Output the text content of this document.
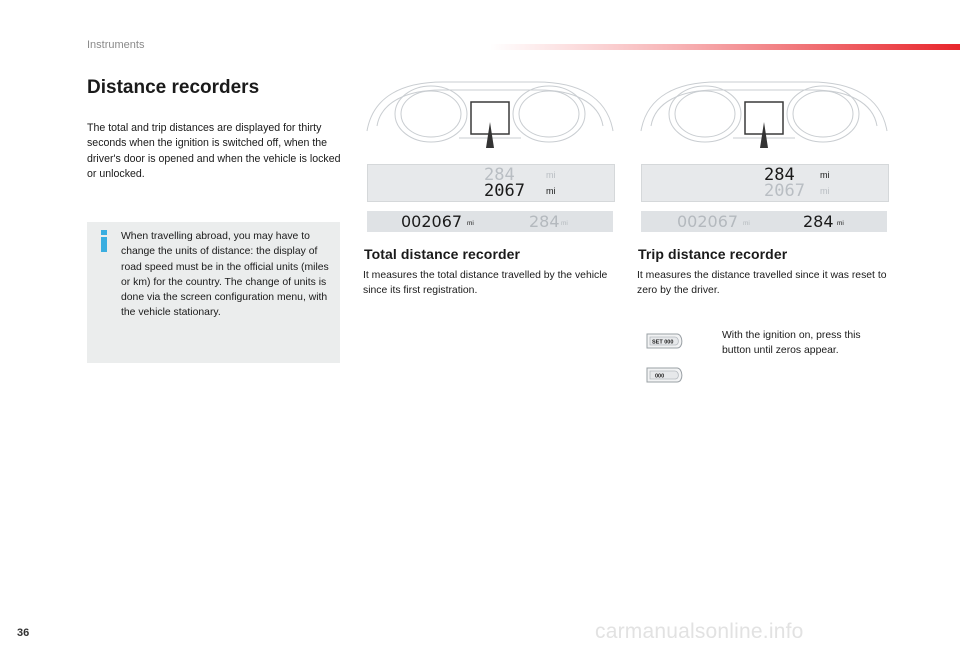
Instruments
Distance recorders
The total and trip distances are displayed for thirty seconds when the ignition is switched off, when the driver's door is opened and when the vehicle is locked or unlocked.
When travelling abroad, you may have to change the units of distance: the display of road speed must be in the official units (miles or km) for the country. The change of units is done via the screen configuration menu, with the vehicle stationary.
284	mi
2067 mi
002067 mi	284 mi
Total distance recorder
It measures the total distance travelled by the vehicle since its first registration.
284	mi
2067 mi
002067 mi	284 mi
Trip distance recorder
It measures the distance travelled since it was reset to zero by the driver.
SET 000
000
With the ignition on, press this button until zeros appear.
36	carmanualsonline.info
